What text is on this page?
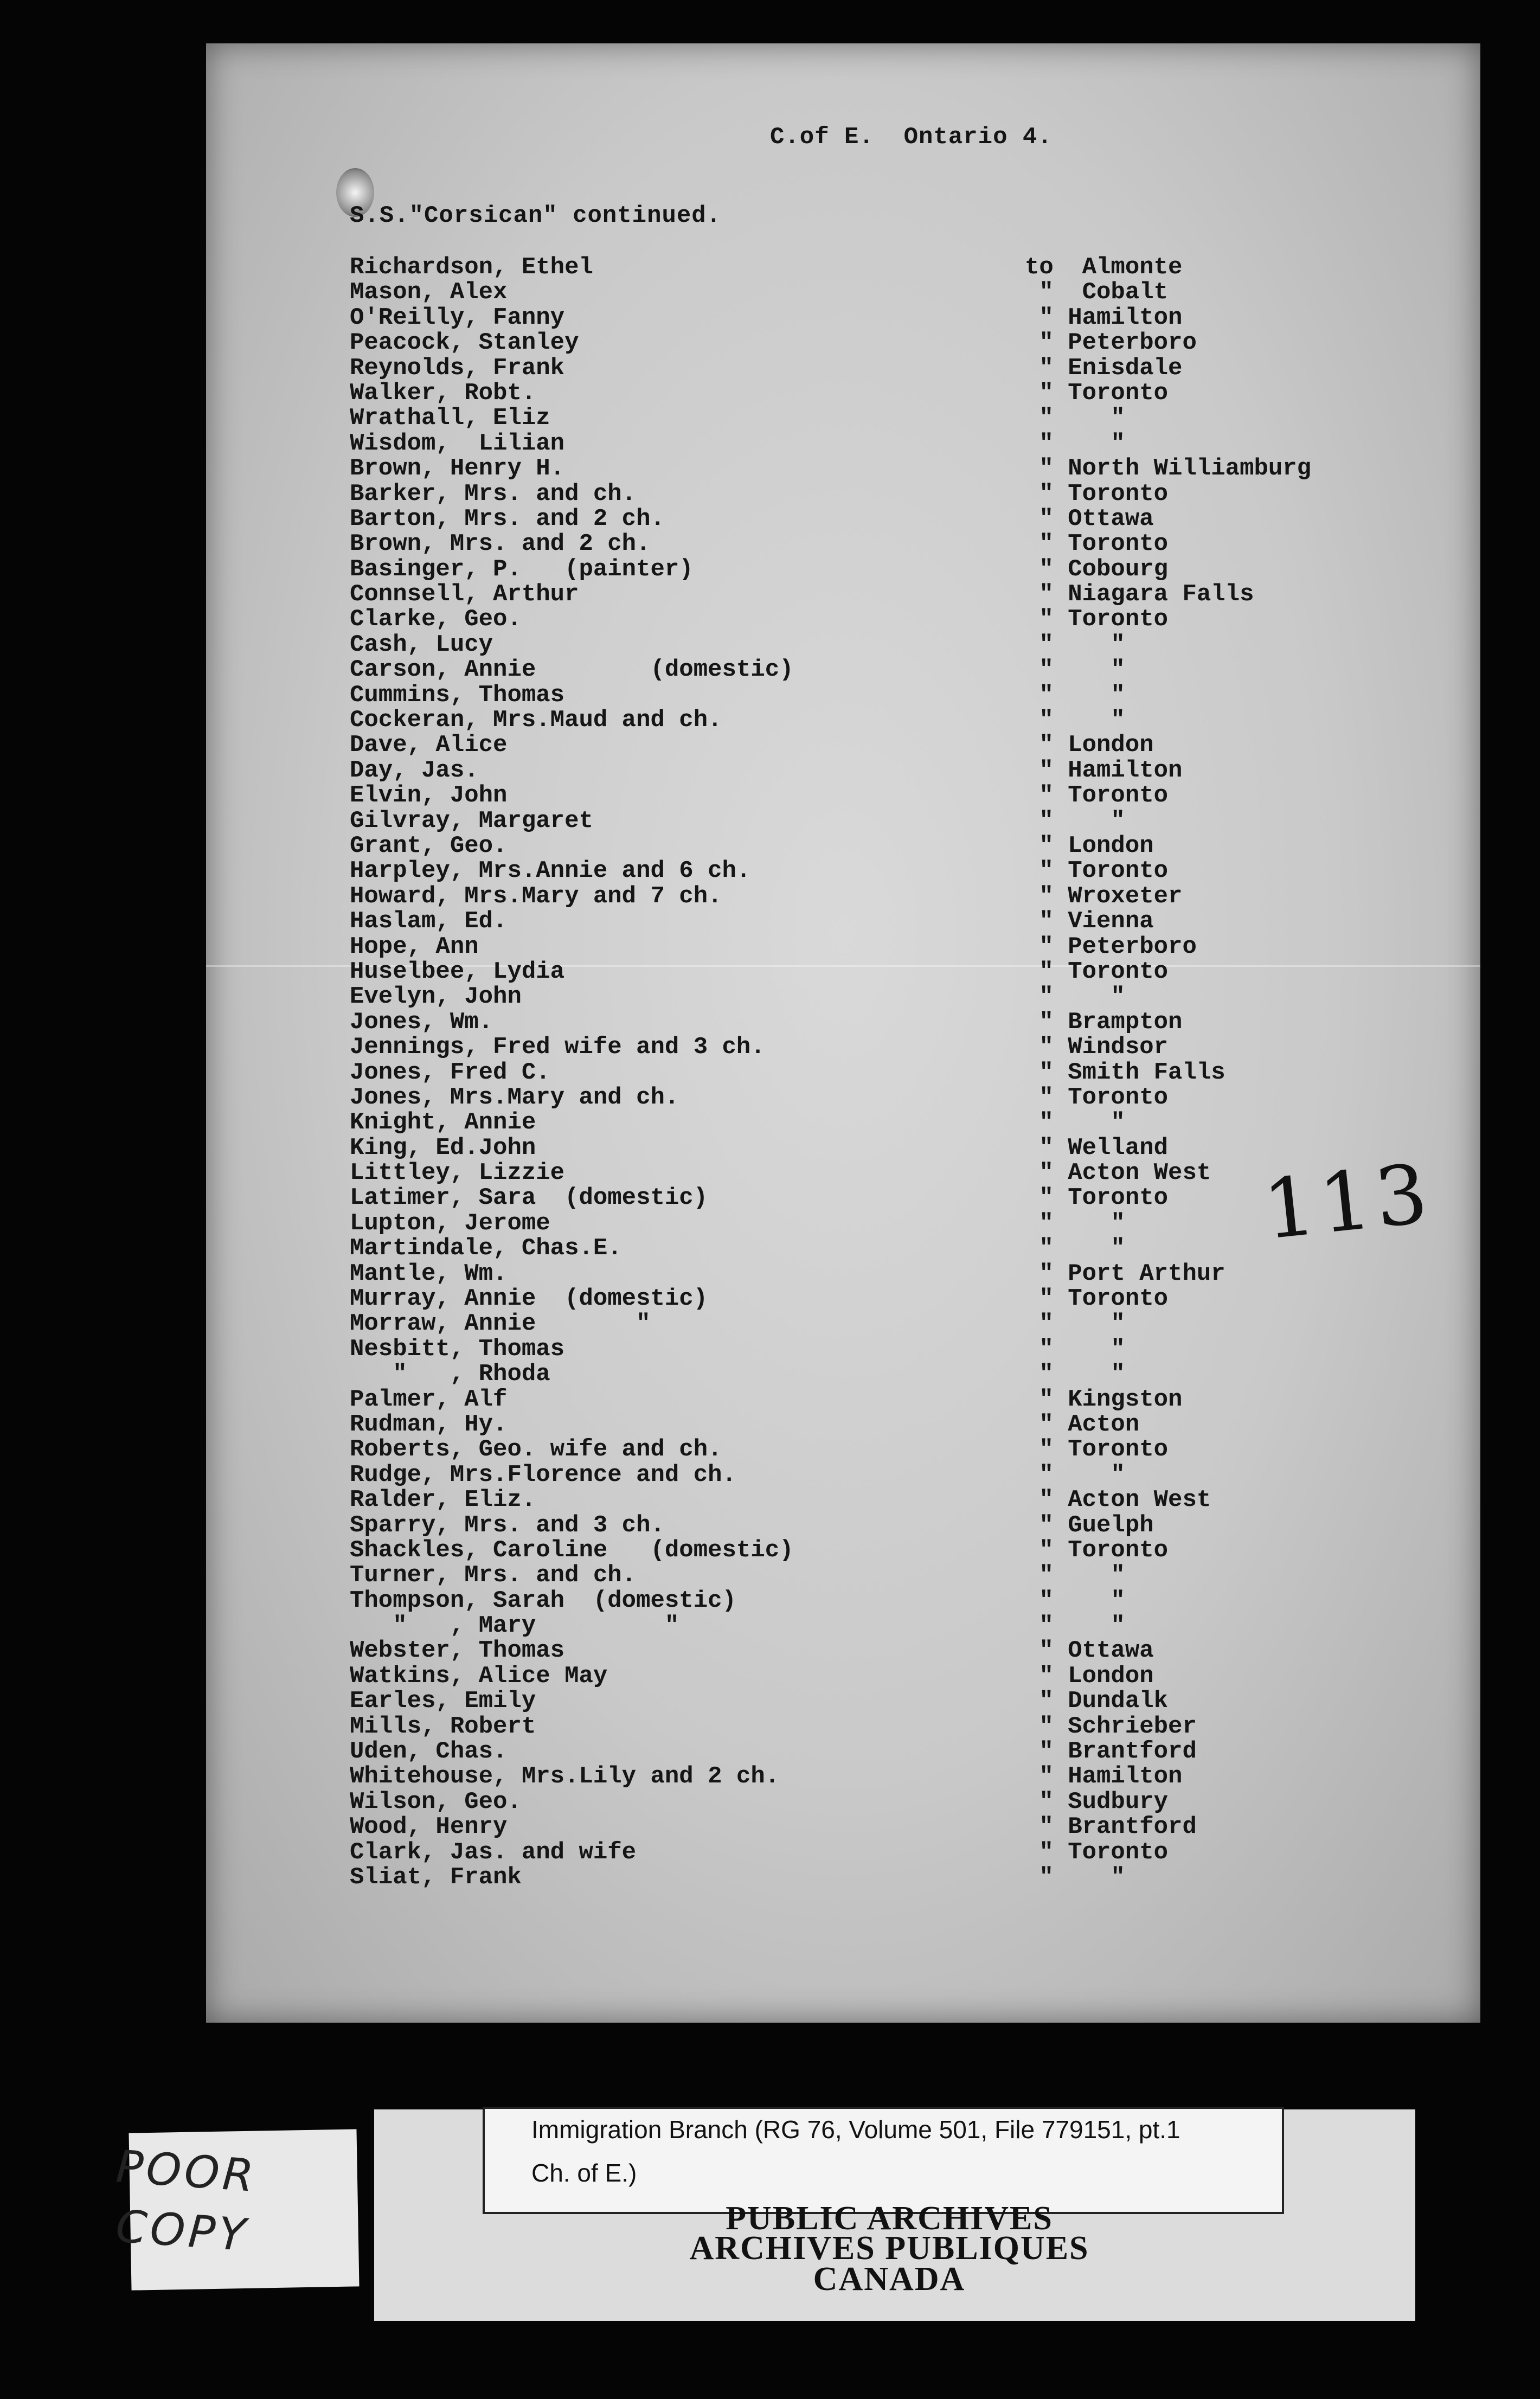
C.of E.  Ontario 4.
S.S."Corsican" continued.
Richardson, Ethel
Mason, Alex
O'Reilly, Fanny
Peacock, Stanley
Reynolds, Frank
Walker, Robt.
Wrathall, Eliz
Wisdom,  Lilian
Brown, Henry H.
Barker, Mrs. and ch.
Barton, Mrs. and 2 ch.
Brown, Mrs. and 2 ch.
Basinger, P.   (painter)
Connsell, Arthur
Clarke, Geo.
Cash, Lucy
Carson, Annie        (domestic)
Cummins, Thomas
Cockeran, Mrs.Maud and ch.
Dave, Alice
Day, Jas.
Elvin, John
Gilvray, Margaret
Grant, Geo.
Harpley, Mrs.Annie and 6 ch.
Howard, Mrs.Mary and 7 ch.
Haslam, Ed.
Hope, Ann
Huselbee, Lydia
Evelyn, John
Jones, Wm.
Jennings, Fred wife and 3 ch.
Jones, Fred C.
Jones, Mrs.Mary and ch.
Knight, Annie
King, Ed.John
Littley, Lizzie
Latimer, Sara  (domestic)
Lupton, Jerome
Martindale, Chas.E.
Mantle, Wm.
Murray, Annie  (domestic)
Morraw, Annie       "
Nesbitt, Thomas
"   , Rhoda
Palmer, Alf
Rudman, Hy.
Roberts, Geo. wife and ch.
Rudge, Mrs.Florence and ch.
Ralder, Eliz.
Sparry, Mrs. and 3 ch.
Shackles, Caroline   (domestic)
Turner, Mrs. and ch.
Thompson, Sarah  (domestic)
"   , Mary         "
Webster, Thomas
Watkins, Alice May
Earles, Emily
Mills, Robert
Uden, Chas.
Whitehouse, Mrs.Lily and 2 ch.
Wilson, Geo.
Wood, Henry
Clark, Jas. and wife
Sliat, Frank
to  Almonte
"  Cobalt
" Hamilton
" Peterboro
" Enisdale
" Toronto
"    "
"    "
" North Williamburg
" Toronto
" Ottawa
" Toronto
" Cobourg
" Niagara Falls
" Toronto
"    "
"    "
"    "
"    "
" London
" Hamilton
" Toronto
"    "
" London
" Toronto
" Wroxeter
" Vienna
" Peterboro
" Toronto
"    "
" Brampton
" Windsor
" Smith Falls
" Toronto
"    "
" Welland
" Acton West
" Toronto
"    "
"    "
" Port Arthur
" Toronto
"    "
"    "
"    "
" Kingston
" Acton
" Toronto
"    "
" Acton West
" Guelph
" Toronto
"    "
"    "
"    "
" Ottawa
" London
" Dundalk
" Schrieber
" Brantford
" Hamilton
" Sudbury
" Brantford
" Toronto
"    "
113
POOR COPY
Immigration Branch (RG 76, Volume 501, File 779151, pt.1
Ch. of E.)
PUBLIC ARCHIVES
ARCHIVES PUBLIQUES
CANADA
